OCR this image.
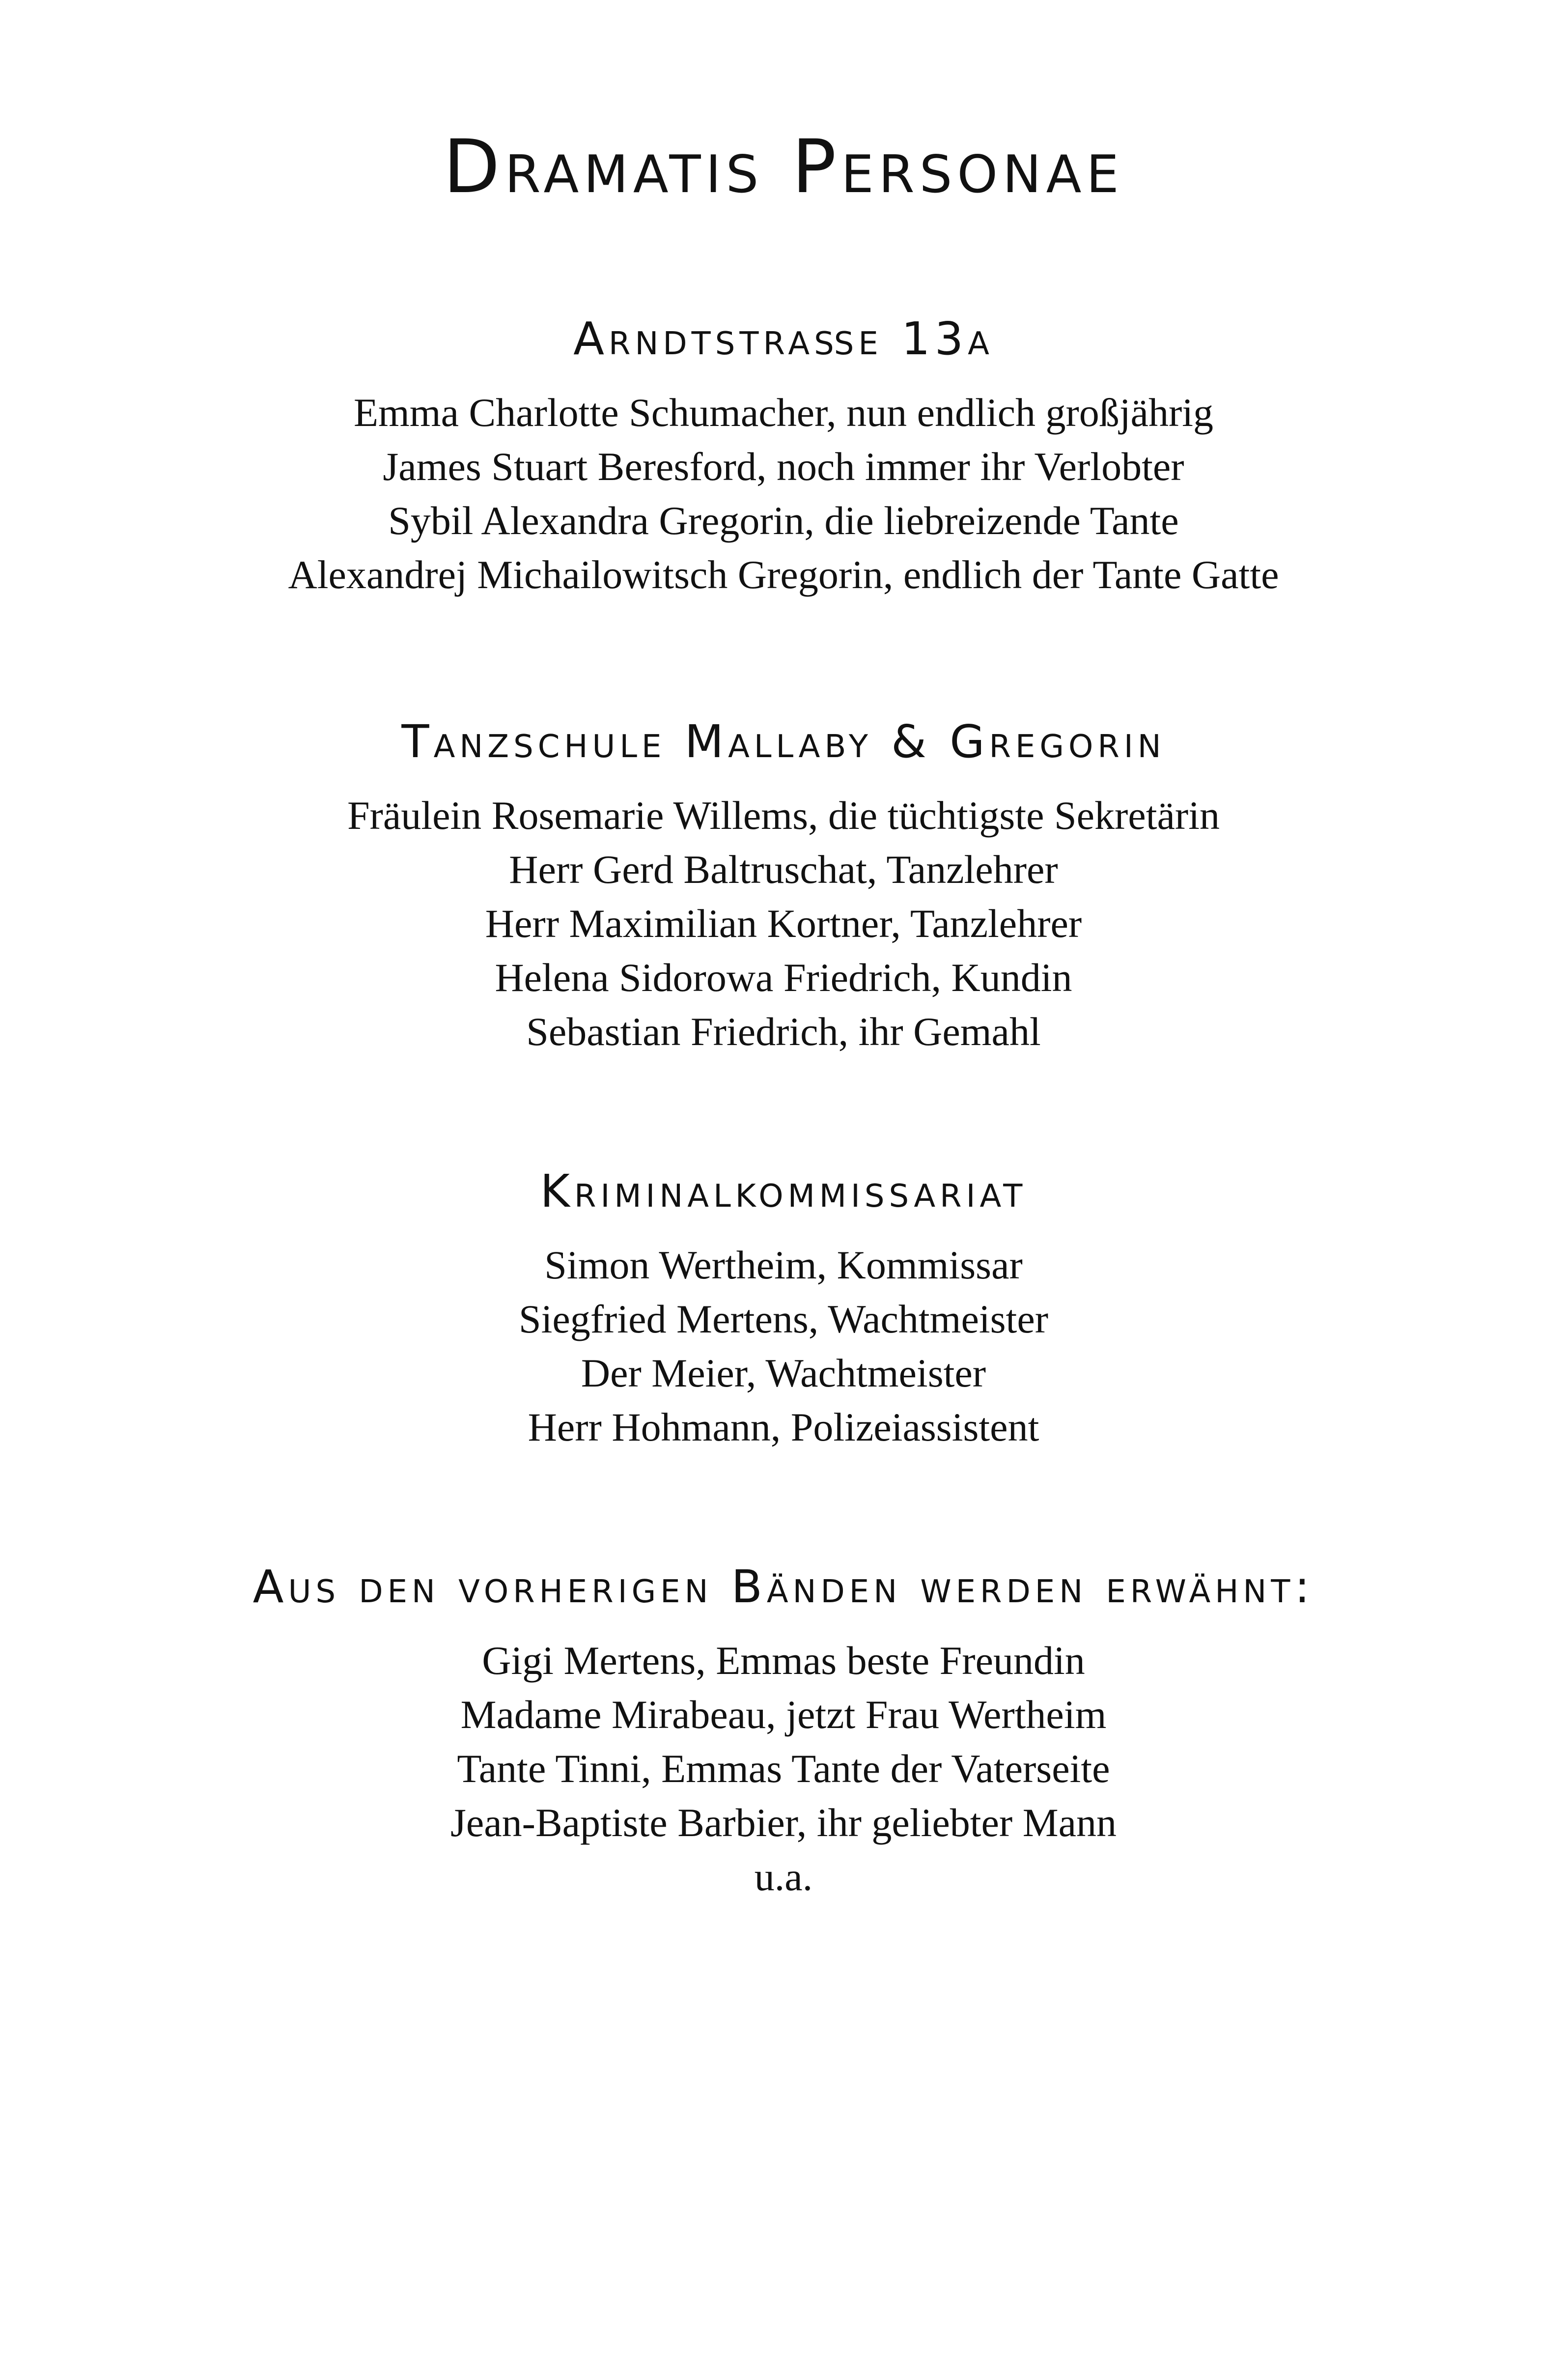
Dramatis Personae
Arndtstraße 13a
Emma Charlotte Schumacher, nun endlich großjährig
James Stuart Beresford, noch immer ihr Verlobter
Sybil Alexandra Gregorin, die liebreizende Tante
Alexandrej Michailowitsch Gregorin, endlich der Tante Gatte
Tanzschule Mallaby & Gregorin
Fräulein Rosemarie Willems, die tüchtigste Sekretärin
Herr Gerd Baltruschat, Tanzlehrer
Herr Maximilian Kortner, Tanzlehrer
Helena Sidorowa Friedrich, Kundin
Sebastian Friedrich, ihr Gemahl
Kriminalkommissariat
Simon Wertheim, Kommissar
Siegfried Mertens, Wachtmeister
Der Meier, Wachtmeister
Herr Hohmann, Polizeiassistent
Aus den vorherigen Bänden werden erwähnt:
Gigi Mertens, Emmas beste Freundin
Madame Mirabeau, jetzt Frau Wertheim
Tante Tinni, Emmas Tante der Vaterseite
Jean-Baptiste Barbier, ihr geliebter Mann
u.a.
